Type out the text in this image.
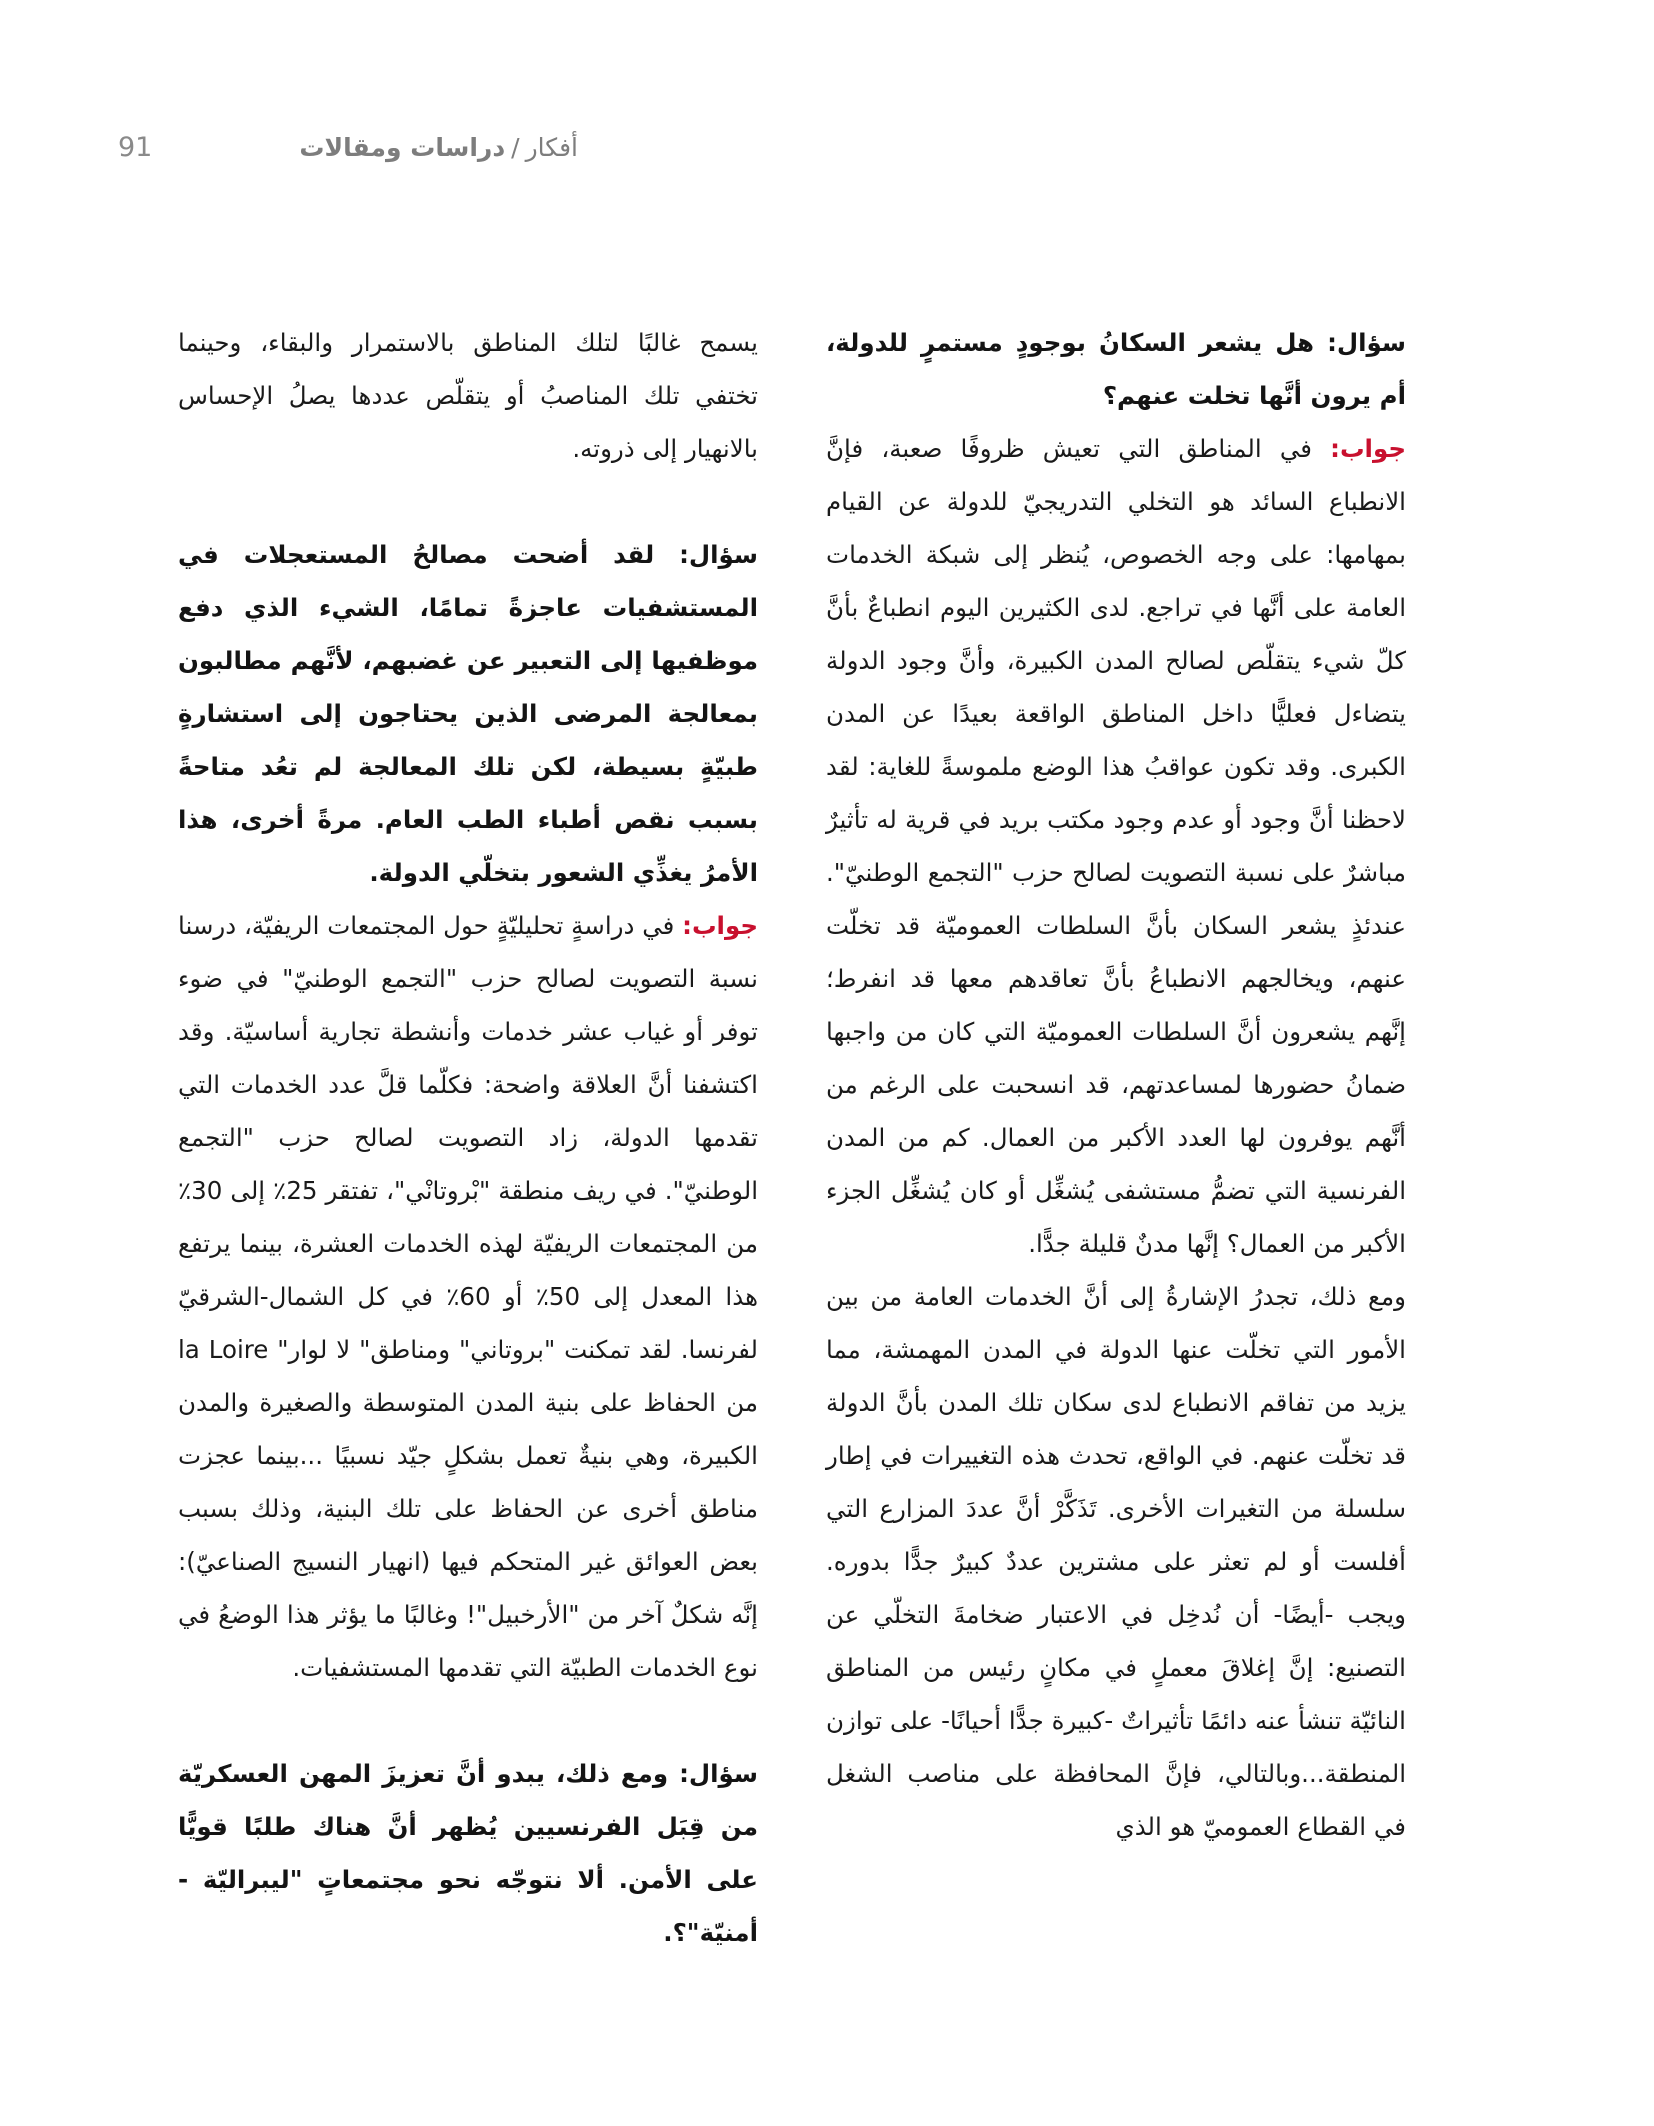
أفكار/دراسات ومقالات
91

سؤال: هل يشعر السكانُ بوجودٍ مستمرٍ للدولة، أم يرون أنَّها تخلت عنهم؟

جواب: في المناطق التي تعيش ظروفًا صعبة، فإنَّ الانطباع السائد هو التخلي التدريجيّ للدولة عن القيام بمهامها: على وجه الخصوص، يُنظر إلى شبكة الخدمات العامة على أنَّها في تراجع. لدى الكثيرين اليوم انطباعٌ بأنَّ كلّ شيء يتقلّص لصالح المدن الكبيرة، وأنَّ وجود الدولة يتضاءل فعليًّا داخل المناطق الواقعة بعيدًا عن المدن الكبرى. وقد تكون عواقبُ هذا الوضع ملموسةً للغاية: لقد لاحظنا أنَّ وجود أو عدم وجود مكتب بريد في قرية له تأثيرٌ مباشرٌ على نسبة التصويت لصالح حزب "التجمع الوطنيّ". عندئذٍ يشعر السكان بأنَّ السلطات العموميّة قد تخلّت عنهم، ويخالجهم الانطباعُ بأنَّ تعاقدهم معها قد انفرط؛ إنَّهم يشعرون أنَّ السلطات العموميّة التي كان من واجبها ضمانُ حضورها لمساعدتهم، قد انسحبت على الرغم من أنَّهم يوفرون لها العدد الأكبر من العمال. كم من المدن الفرنسية التي تضمُّ مستشفى يُشغِّل أو كان يُشغِّل الجزء الأكبر من العمال؟ إنَّها مدنٌ قليلة جدًّا.

ومع ذلك، تجدرُ الإشارةُ إلى أنَّ الخدمات العامة من بين الأمور التي تخلّت عنها الدولة في المدن المهمشة، مما يزيد من تفاقم الانطباع لدى سكان تلك المدن بأنَّ الدولة قد تخلّت عنهم. في الواقع، تحدث هذه التغييرات في إطار سلسلة من التغيرات الأخرى. تَذَكَّرْ أنَّ عددَ المزارع التي أفلست أو لم تعثر على مشترين عددٌ كبيرٌ جدًّا بدوره. ويجب -أيضًا- أن نُدخِل في الاعتبار ضخامةَ التخلّي عن التصنيع: إنَّ إغلاقَ معملٍ في مكانٍ رئيس من المناطق النائيّة تنشأ عنه دائمًا تأثيراتٌ -كبيرة جدًّا أحيانًا- على توازن المنطقة...وبالتالي، فإنَّ المحافظة على مناصب الشغل في القطاع العموميّ هو الذي

يسمح غالبًا لتلك المناطق بالاستمرار والبقاء، وحينما تختفي تلك المناصبُ أو يتقلّص عددها يصلُ الإحساس بالانهيار إلى ذروته.

سؤال: لقد أضحت مصالحُ المستعجلات في المستشفيات عاجزةً تمامًا، الشيء الذي دفع موظفيها إلى التعبير عن غضبهم، لأنَّهم مطالبون بمعالجة المرضى الذين يحتاجون إلى استشارةٍ طبيّةٍ بسيطة، لكن تلك المعالجة لم تعُد متاحةً بسبب نقص أطباء الطب العام. مرةً أخرى، هذا الأمرُ يغذِّي الشعور بتخلّي الدولة.

جواب: في دراسةٍ تحليليّةٍ حول المجتمعات الريفيّة، درسنا نسبة التصويت لصالح حزب "التجمع الوطنيّ" في ضوء توفر أو غياب عشر خدمات وأنشطة تجارية أساسيّة. وقد اكتشفنا أنَّ العلاقة واضحة: فكلّما قلَّ عدد الخدمات التي تقدمها الدولة، زاد التصويت لصالح حزب "التجمع الوطنيّ". في ريف منطقة "بْروتانْي"، تفتقر 25٪ إلى 30٪ من المجتمعات الريفيّة لهذه الخدمات العشرة، بينما يرتفع هذا المعدل إلى 50٪ أو 60٪ في كل الشمال-الشرقيّ لفرنسا. لقد تمكنت "بروتاني" ومناطق" لا لوار" la Loire من الحفاظ على بنية المدن المتوسطة والصغيرة والمدن الكبيرة، وهي بنيةٌ تعمل بشكلٍ جيّد نسبيًا ...بينما عجزت مناطق أخرى عن الحفاظ على تلك البنية، وذلك بسبب بعض العوائق غير المتحكم فيها (انهيار النسيج الصناعيّ): إنَّه شكلٌ آخر من "الأرخبيل"! وغالبًا ما يؤثر هذا الوضعُ في نوع الخدمات الطبيّة التي تقدمها المستشفيات.

سؤال: ومع ذلك، يبدو أنَّ تعزيزَ المهن العسكريّة من قِبَل الفرنسيين يُظهر أنَّ هناك طلبًا قويًّا على الأمن. ألا نتوجّه نحو مجتمعاتٍ "ليبراليّة - أمنيّة"؟.
